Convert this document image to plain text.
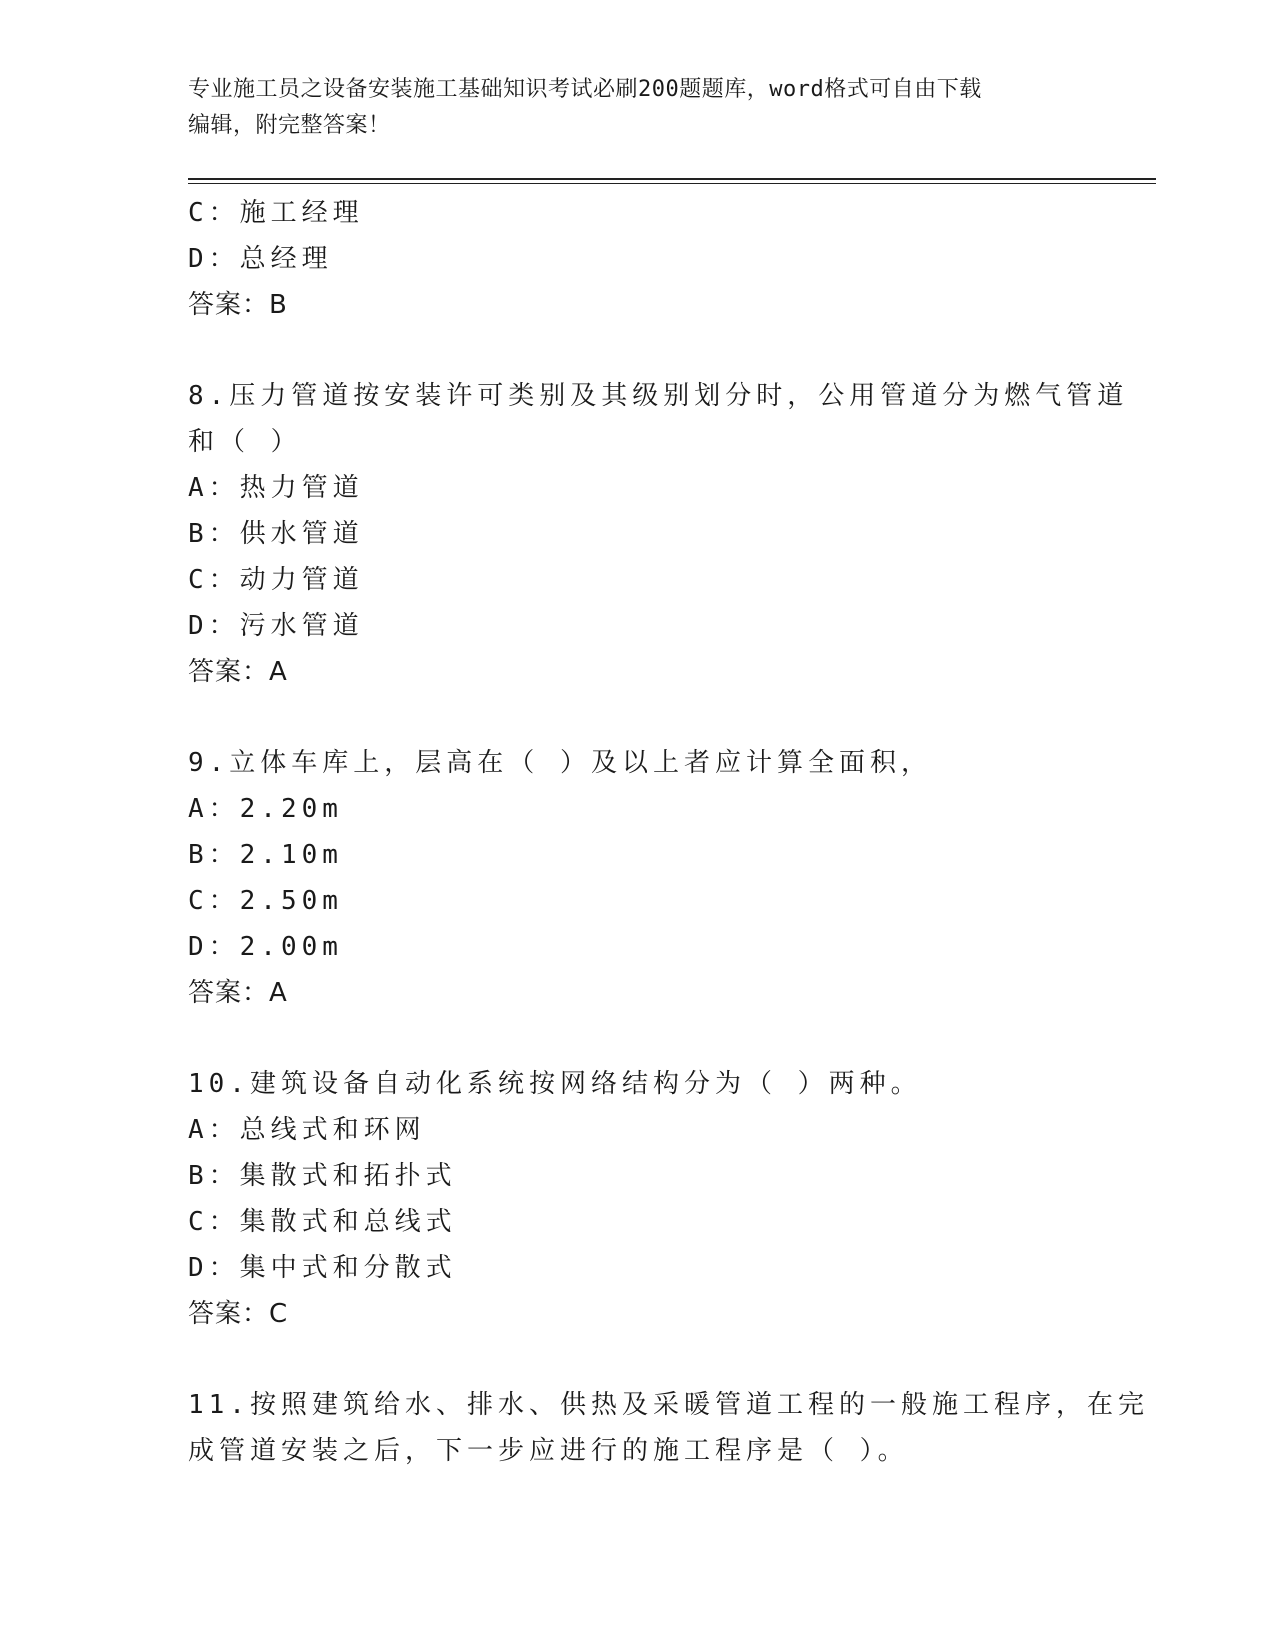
专业施工员之设备安装施工基础知识考试必刷200题题库，word格式可自由下载
编辑，附完整答案！
C：施工经理
D：总经理
答案：B
8.压力管道按安装许可类别及其级别划分时，公用管道分为燃气管道
和（ ）
A：热力管道
B：供水管道
C：动力管道
D：污水管道
答案：A
9.立体车库上，层高在（ ）及以上者应计算全面积，
A：2.20m
B：2.10m
C：2.50m
D：2.00m
答案：A
10.建筑设备自动化系统按网络结构分为（ ）两种。
A：总线式和环网
B：集散式和拓扑式
C：集散式和总线式
D：集中式和分散式
答案：C
11.按照建筑给水、排水、供热及采暖管道工程的一般施工程序，在完
成管道安装之后，下一步应进行的施工程序是（ ）。
